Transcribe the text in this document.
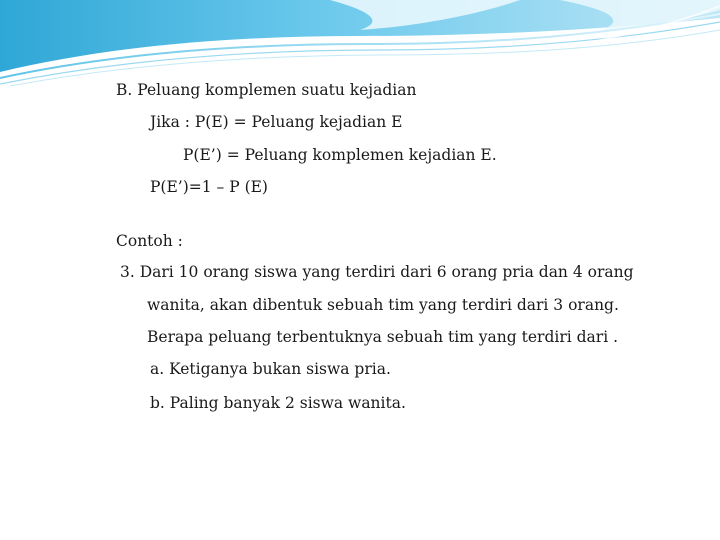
B. Peluang komplemen suatu kejadian
Jika : P(E) = Peluang kejadian E
P(E’) = Peluang komplemen kejadian E.
P(E’)=1 – P (E)
Contoh :
3. Dari 10 orang siswa yang terdiri dari 6 orang pria dan 4 orang
wanita, akan dibentuk sebuah tim yang terdiri dari 3 orang.
Berapa peluang terbentuknya sebuah tim yang terdiri dari .
a. Ketiganya bukan siswa pria.
b. Paling banyak 2 siswa wanita.
